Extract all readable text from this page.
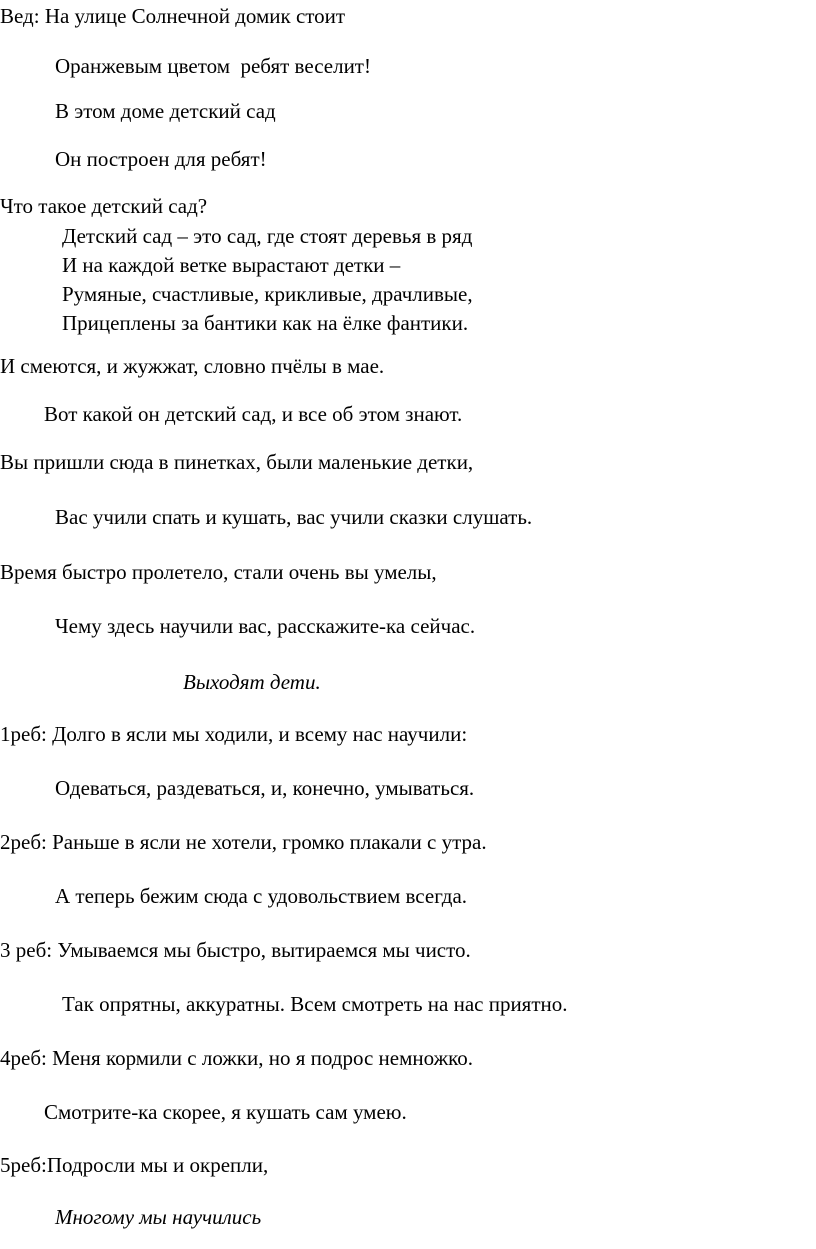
Вед: На улице Солнечной домик стоит

Оранжевым цветом  ребят веселит!

В этом доме детский сад

Он построен для ребят!

Что такое детский сад?

Детский сад – это сад, где стоят деревья в ряд

И на каждой ветке вырастают детки –

Румяные, счастливые, крикливые, драчливые,

Прицеплены за бантики как на ёлке фантики.

И смеются, и жужжат, словно пчёлы в мае.

Вот какой он детский сад, и все об этом знают.

Вы пришли сюда в пинетках, были маленькие детки,

Вас учили спать и кушать, вас учили сказки слушать.

Время быстро пролетело, стали очень вы умелы,

Чему здесь научили вас, расскажите-ка сейчас.

Выходят дети.

1реб: Долго в ясли мы ходили, и всему нас научили:

Одеваться, раздеваться, и, конечно, умываться.

2реб: Раньше в ясли не хотели, громко плакали с утра.

А теперь бежим сюда с удовольствием всегда.

3 реб: Умываемся мы быстро, вытираемся мы чисто.

Так опрятны, аккуратны. Всем смотреть на нас приятно.

4реб: Меня кормили с ложки, но я подрос немножко.

Смотрите-ка скорее, я кушать сам умею.

5реб:Подросли мы и окрепли,

Многому мы научились
